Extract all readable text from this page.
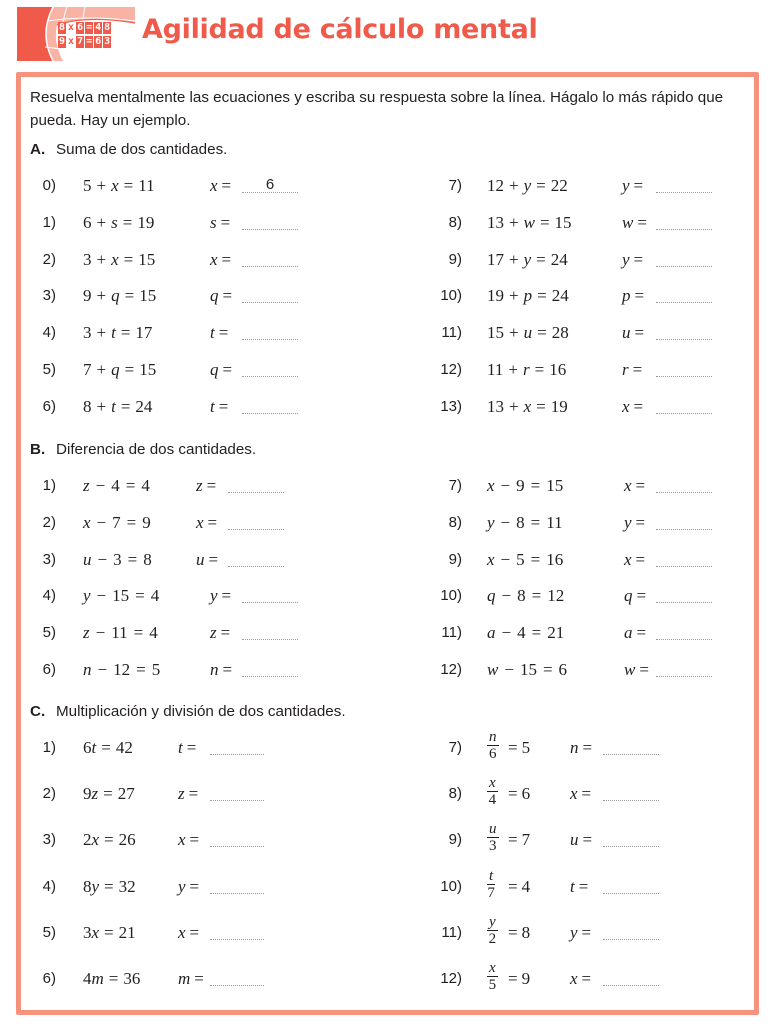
8 x 6 = 4 8
9 x 7 = 6 3 Agilidad de cálculo mental
Resuelva mentalmente las ecuaciones y escriba su respuesta sobre la línea. Hágalo lo más rápido que pueda. Hay un ejemplo.
A. Suma de dos cantidades.
0) 5 + x = 11	x =	6
1) 6 + s = 19	s =
2) 3 + x = 15	x =
3) 9 + q = 15	q =
4) 3 + t = 17	t =
5) 7 + q = 15	q =
6) 8 + t = 24	t =
7) 12 + y = 22	y =
8) 13 + w = 15	w =
9) 17 + y = 24	y =
10) 19 + p = 24	p =
11) 15 + u = 28	u =
12) 11 + r = 16	r =
13) 13 + x = 19	x =
B. Diferencia de dos cantidades.
1) z − 4 = 4	z =
2) x − 7 = 9	x =
3) u − 3 = 8	u =
4) y − 15 = 4	y =
5) z − 11 = 4	z =
6) n − 12 = 5	n =
7) x − 9 = 15	x =
8) y − 8 = 11	y =
9) x − 5 = 16	x =
10) q − 8 = 12	q =
11) a − 4 = 21	a =
12) w − 15 = 6	w =
C. Multiplicación y división de dos cantidades.
1) 6t = 42	t =
2) 9z = 27	z =
3) 2x = 26 x =
4) 8y = 32 y =
5) 3x = 21 x =
6) 4m = 36 m =
$7) \frac{n}{6} = 5$ n =
$8) \frac{x}{4} = 6$ x =
$9) \frac{u}{3} = 7$ u =
$10) \frac{t}{7} = 4$ t =
$11) \frac{y}{2} = 8$ y =
$12) \frac{x}{5} = 9$ x =
